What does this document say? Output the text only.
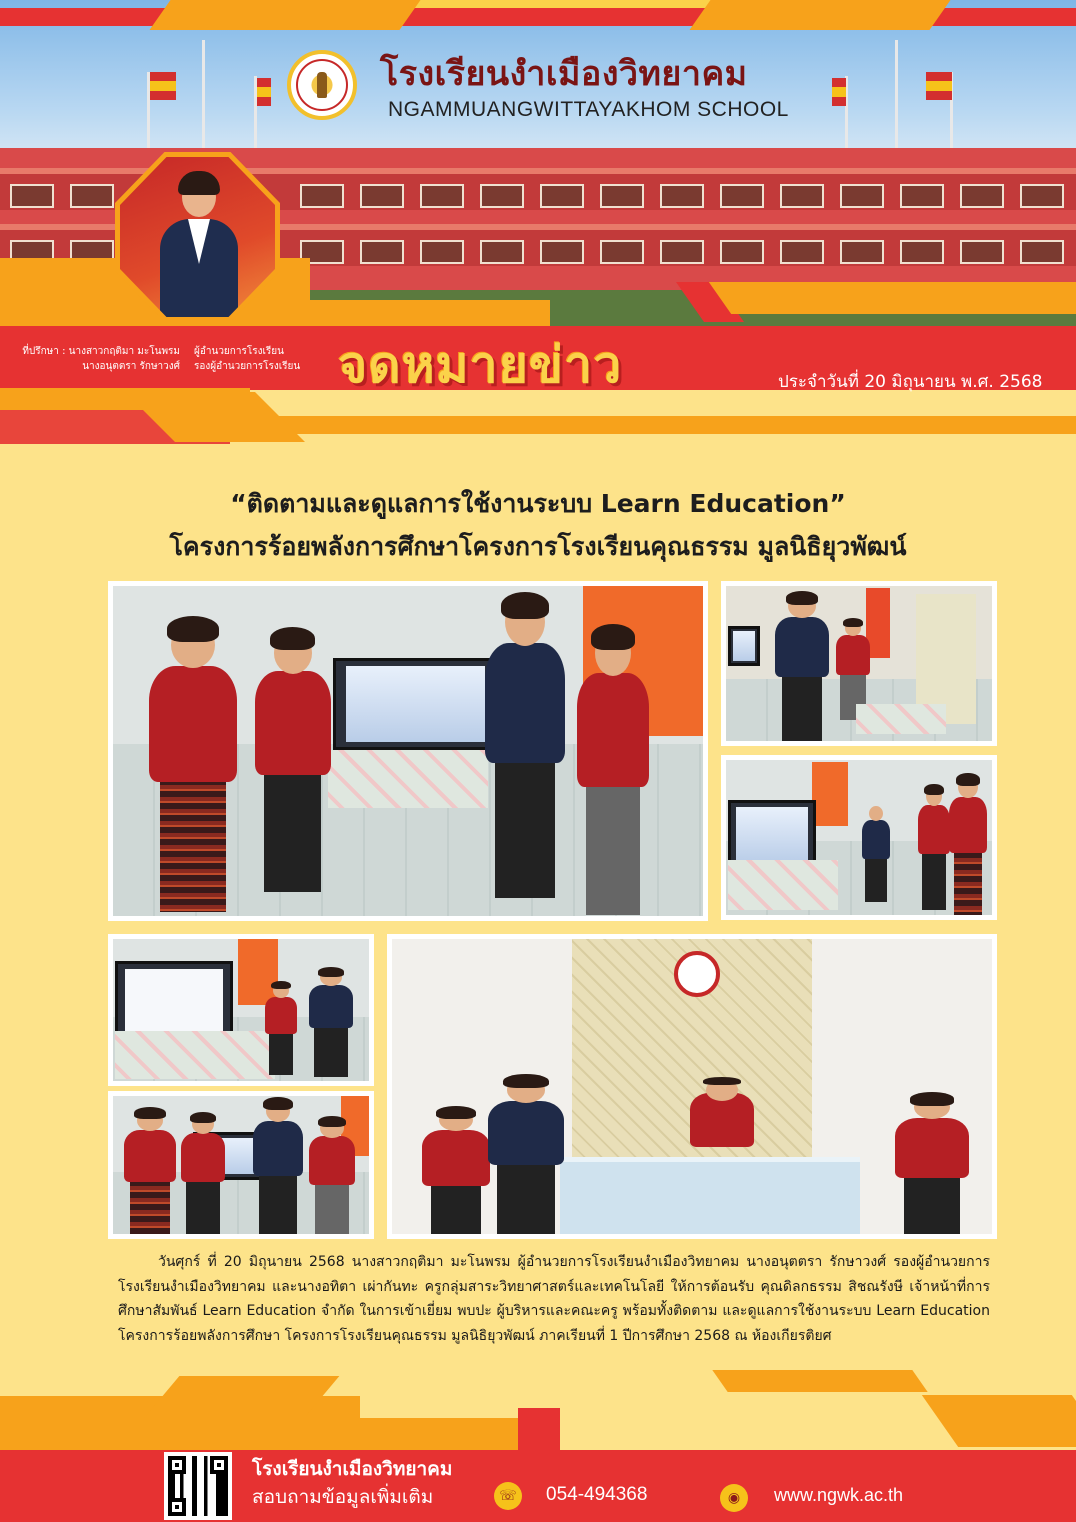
โรงเรียนงำเมืองวิทยาคม
NGAMMUANGWITTAYAKHOM SCHOOL
ที่ปรึกษา : นางสาวกฤติมา มะโนพรม ผู้อำนวยการโรงเรียน
นางอนุตตรา รักษาวงศ์ รองผู้อำนวยการโรงเรียน จดหมายข่าว	ประจำวันที่ 20 มิถุนายน พ.ศ. 2568
“ติดตามและดูแลการใช้งานระบบ Learn Education”
โครงการร้อยพลังการศึกษาโครงการโรงเรียนคุณธรรม มูลนิธิยุวพัฒน์

วันศุกร์ ที่ 20 มิถุนายน 2568 นางสาวกฤติมา มะโนพรม ผู้อำนวยการโรงเรียนงำเมืองวิทยาคม นางอนุตตรา รักษาวงศ์ รองผู้อำนวยการโรงเรียนงำเมืองวิทยาคม และนางอทิตา เผ่ากันทะ ครูกลุ่มสาระวิทยาศาสตร์และเทคโนโลยี ให้การต้อนรับ คุณดิลกธรรม สิชณรังษี เจ้าหน้าที่การศึกษาสัมพันธ์ Learn Education จำกัด ในการเข้าเยี่ยม พบปะ ผู้บริหารและคณะครู พร้อมทั้งติดตาม และดูแลการใช้งานระบบ Learn Education โครงการร้อยพลังการศึกษา โครงการโรงเรียนคุณธรรม มูลนิธิยุวพัฒน์ ภาคเรียนที่ 1 ปีการศึกษา 2568 ณ ห้องเกียรติยศ

โรงเรียนงำเมืองวิทยาคม
สอบถามข้อมูลเพิ่มเติม	☏ 054-494368	◉	www.ngwk.ac.th
